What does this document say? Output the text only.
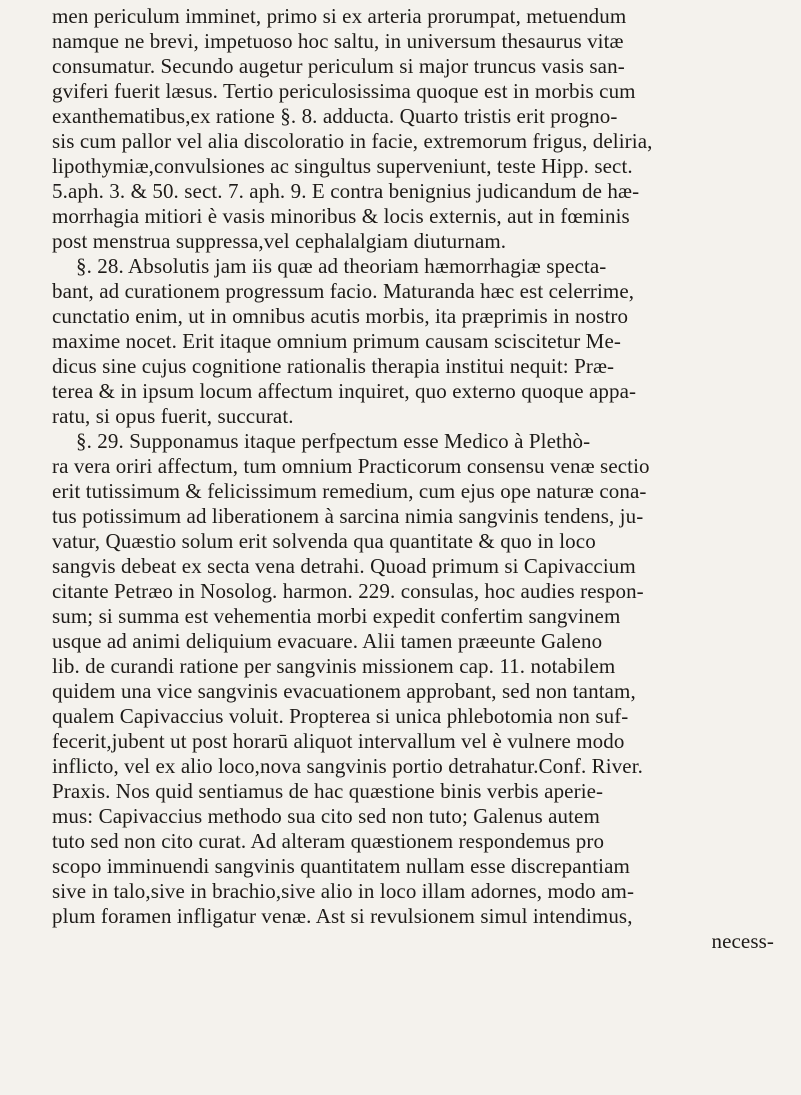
men periculum imminet, primo si ex arteria prorumpat, metuendum
namque ne brevi, impetuoso hoc saltu, in universum thesaurus vitæ
consumatur. Secundo augetur periculum si major truncus vasis san-
gviferi fuerit læsus. Tertio periculosissima quoque est in morbis cum
exanthematibus,ex ratione §. 8. adducta. Quarto tristis erit progno-
sis cum pallor vel alia discoloratio in facie, extremorum frigus, deliria,
lipothymiæ,convulsiones ac singultus superveniunt, teste Hipp. sect.
5.aph. 3. & 50. sect. 7. aph. 9. E contra benignius judicandum de hæ-
morrhagia mitiori è vasis minoribus & locis externis, aut in fœminis
post menstrua suppressa,vel cephalalgiam diuturnam.
§. 28. Absolutis jam iis quæ ad theoriam hæmorrhagiæ specta-
bant, ad curationem progressum facio. Maturanda hæc est celerrime,
cunctatio enim, ut in omnibus acutis morbis, ita præprimis in nostro
maxime nocet. Erit itaque omnium primum causam sciscitetur Me-
dicus sine cujus cognitione rationalis therapia institui nequit: Præ-
terea & in ipsum locum affectum inquiret, quo externo quoque appa-
ratu, si opus fuerit, succurat.
§. 29. Supponamus itaque perfpectum esse Medico à Plethò-
ra vera oriri affectum, tum omnium Practicorum consensu venæ sectio
erit tutissimum & felicissimum remedium, cum ejus ope naturæ cona-
tus potissimum ad liberationem à sarcina nimia sangvinis tendens, ju-
vatur, Quæstio solum erit solvenda qua quantitate & quo in loco
sangvis debeat ex secta vena detrahi. Quoad primum si Capivaccium
citante Petræo in Nosolog. harmon. 229. consulas, hoc audies respon-
sum; si summa est vehementia morbi expedit confertim sangvinem
usque ad animi deliquium evacuare. Alii tamen præeunte Galeno
lib. de curandi ratione per sangvinis missionem cap. 11. notabilem
quidem una vice sangvinis evacuationem approbant, sed non tantam,
qualem Capivaccius voluit. Propterea si unica phlebotomia non suf-
fecerit,jubent ut post horarū aliquot intervallum vel è vulnere modo
inflicto, vel ex alio loco,nova sangvinis portio detrahatur.Conf. River.
Praxis. Nos quid sentiamus de hac quæstione binis verbis aperie-
mus: Capivaccius methodo sua cito sed non tuto; Galenus autem
tuto sed non cito curat. Ad alteram quæstionem respondemus pro
scopo imminuendi sangvinis quantitatem nullam esse discrepantiam
sive in talo,sive in brachio,sive alio in loco illam adornes, modo am-
plum foramen infligatur venæ. Ast si revulsionem simul intendimus,
necess-
